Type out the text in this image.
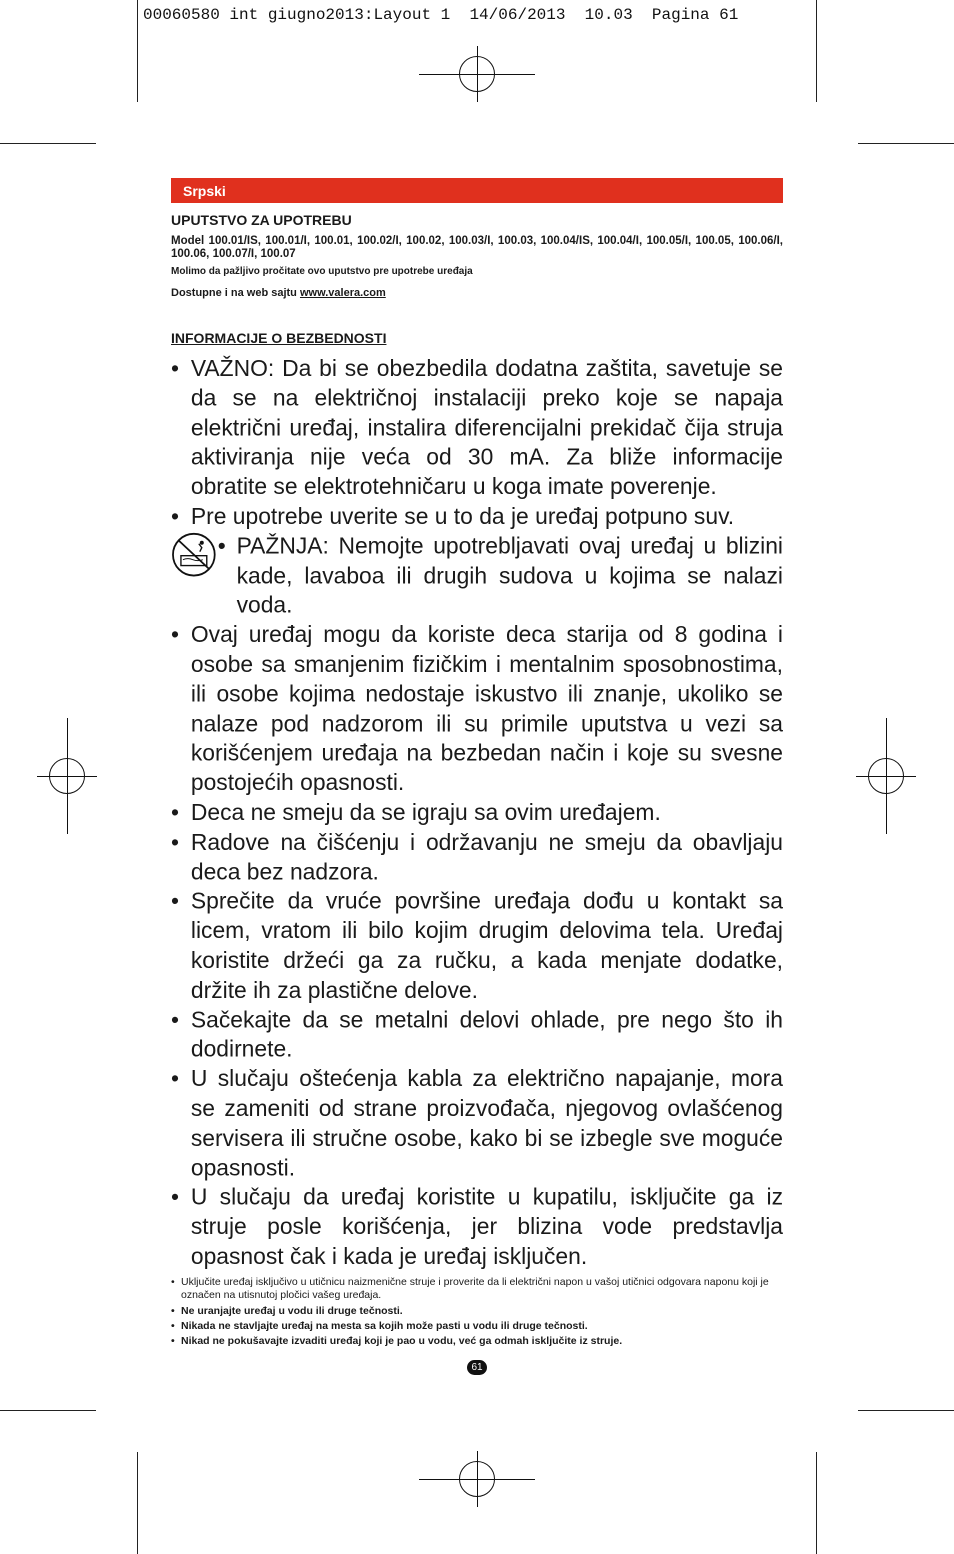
00060580 int giugno2013:Layout 1  14/06/2013  10.03  Pagina 61
Srpski
UPUTSTVO ZA UPOTREBU
Model 100.01/IS, 100.01/I, 100.01, 100.02/I, 100.02, 100.03/I, 100.03, 100.04/IS, 100.04/I, 100.05/I, 100.05, 100.06/I, 100.06, 100.07/I, 100.07
Molimo da pažljivo pročitate ovo uputstvo pre upotrebe uređaja
Dostupne i na web sajtu www.valera.com
INFORMACIJE O BEZBEDNOSTI
• VAŽNO: Da bi se obezbedila dodatna zaštita, savetuje se da se na električnoj instalaciji preko koje se napaja električni uređaj, instalira diferencijalni prekidač čija struja aktiviranja nije veća od 30 mA. Za bliže informacije obratite se elektrotehničaru u koga imate poverenje.
• Pre upotrebe uverite se u to da je uređaj potpuno suv.
• PAŽNJA: Nemojte upotrebljavati ovaj uređaj u blizini kade, lavaboa ili drugih sudova u kojima se nalazi voda.
• Ovaj uređaj mogu da koriste deca starija od 8 godina i osobe sa smanjenim fizičkim i mentalnim sposobnostima, ili osobe kojima nedostaje iskustvo ili znanje, ukoliko se nalaze pod nadzorom ili su primile uputstva u vezi sa korišćenjem uređaja na bezbedan način i koje su svesne postojećih opasnosti.
• Deca ne smeju da se igraju sa ovim uređajem.
• Radove na čišćenju i održavanju ne smeju da obavljaju deca bez nadzora.
• Sprečite da vruće površine uređaja dođu u kontakt sa licem, vratom ili bilo kojim drugim delovima tela. Uređaj koristite držeći ga za ručku, a kada menjate dodatke, držite ih za plastične delove.
• Sačekajte da se metalni delovi ohlade, pre nego što ih dodirnete.
• U slučaju oštećenja kabla za električno napajanje, mora se zameniti od strane proizvođača, njegovog ovlašćenog servisera ili stručne osobe, kako bi se izbegle sve moguće opasnosti.
• U slučaju da uređaj koristite u kupatilu, isključite ga iz struje posle korišćenja, jer blizina vode predstavlja opasnost čak i kada je uređaj isključen.
• Uključite uređaj isključivo u utičnicu naizmenične struje i proverite da li električni napon u vašoj utičnici odgovara naponu koji je označen na utisnutoj pločici vašeg uređaja.
• Ne uranjajte uređaj u vodu ili druge tečnosti.
• Nikada ne stavljajte uređaj na mesta sa kojih može pasti u vodu ili druge tečnosti.
• Nikad ne pokušavajte izvaditi uređaj koji je pao u vodu, već ga odmah isključite iz struje.
61
